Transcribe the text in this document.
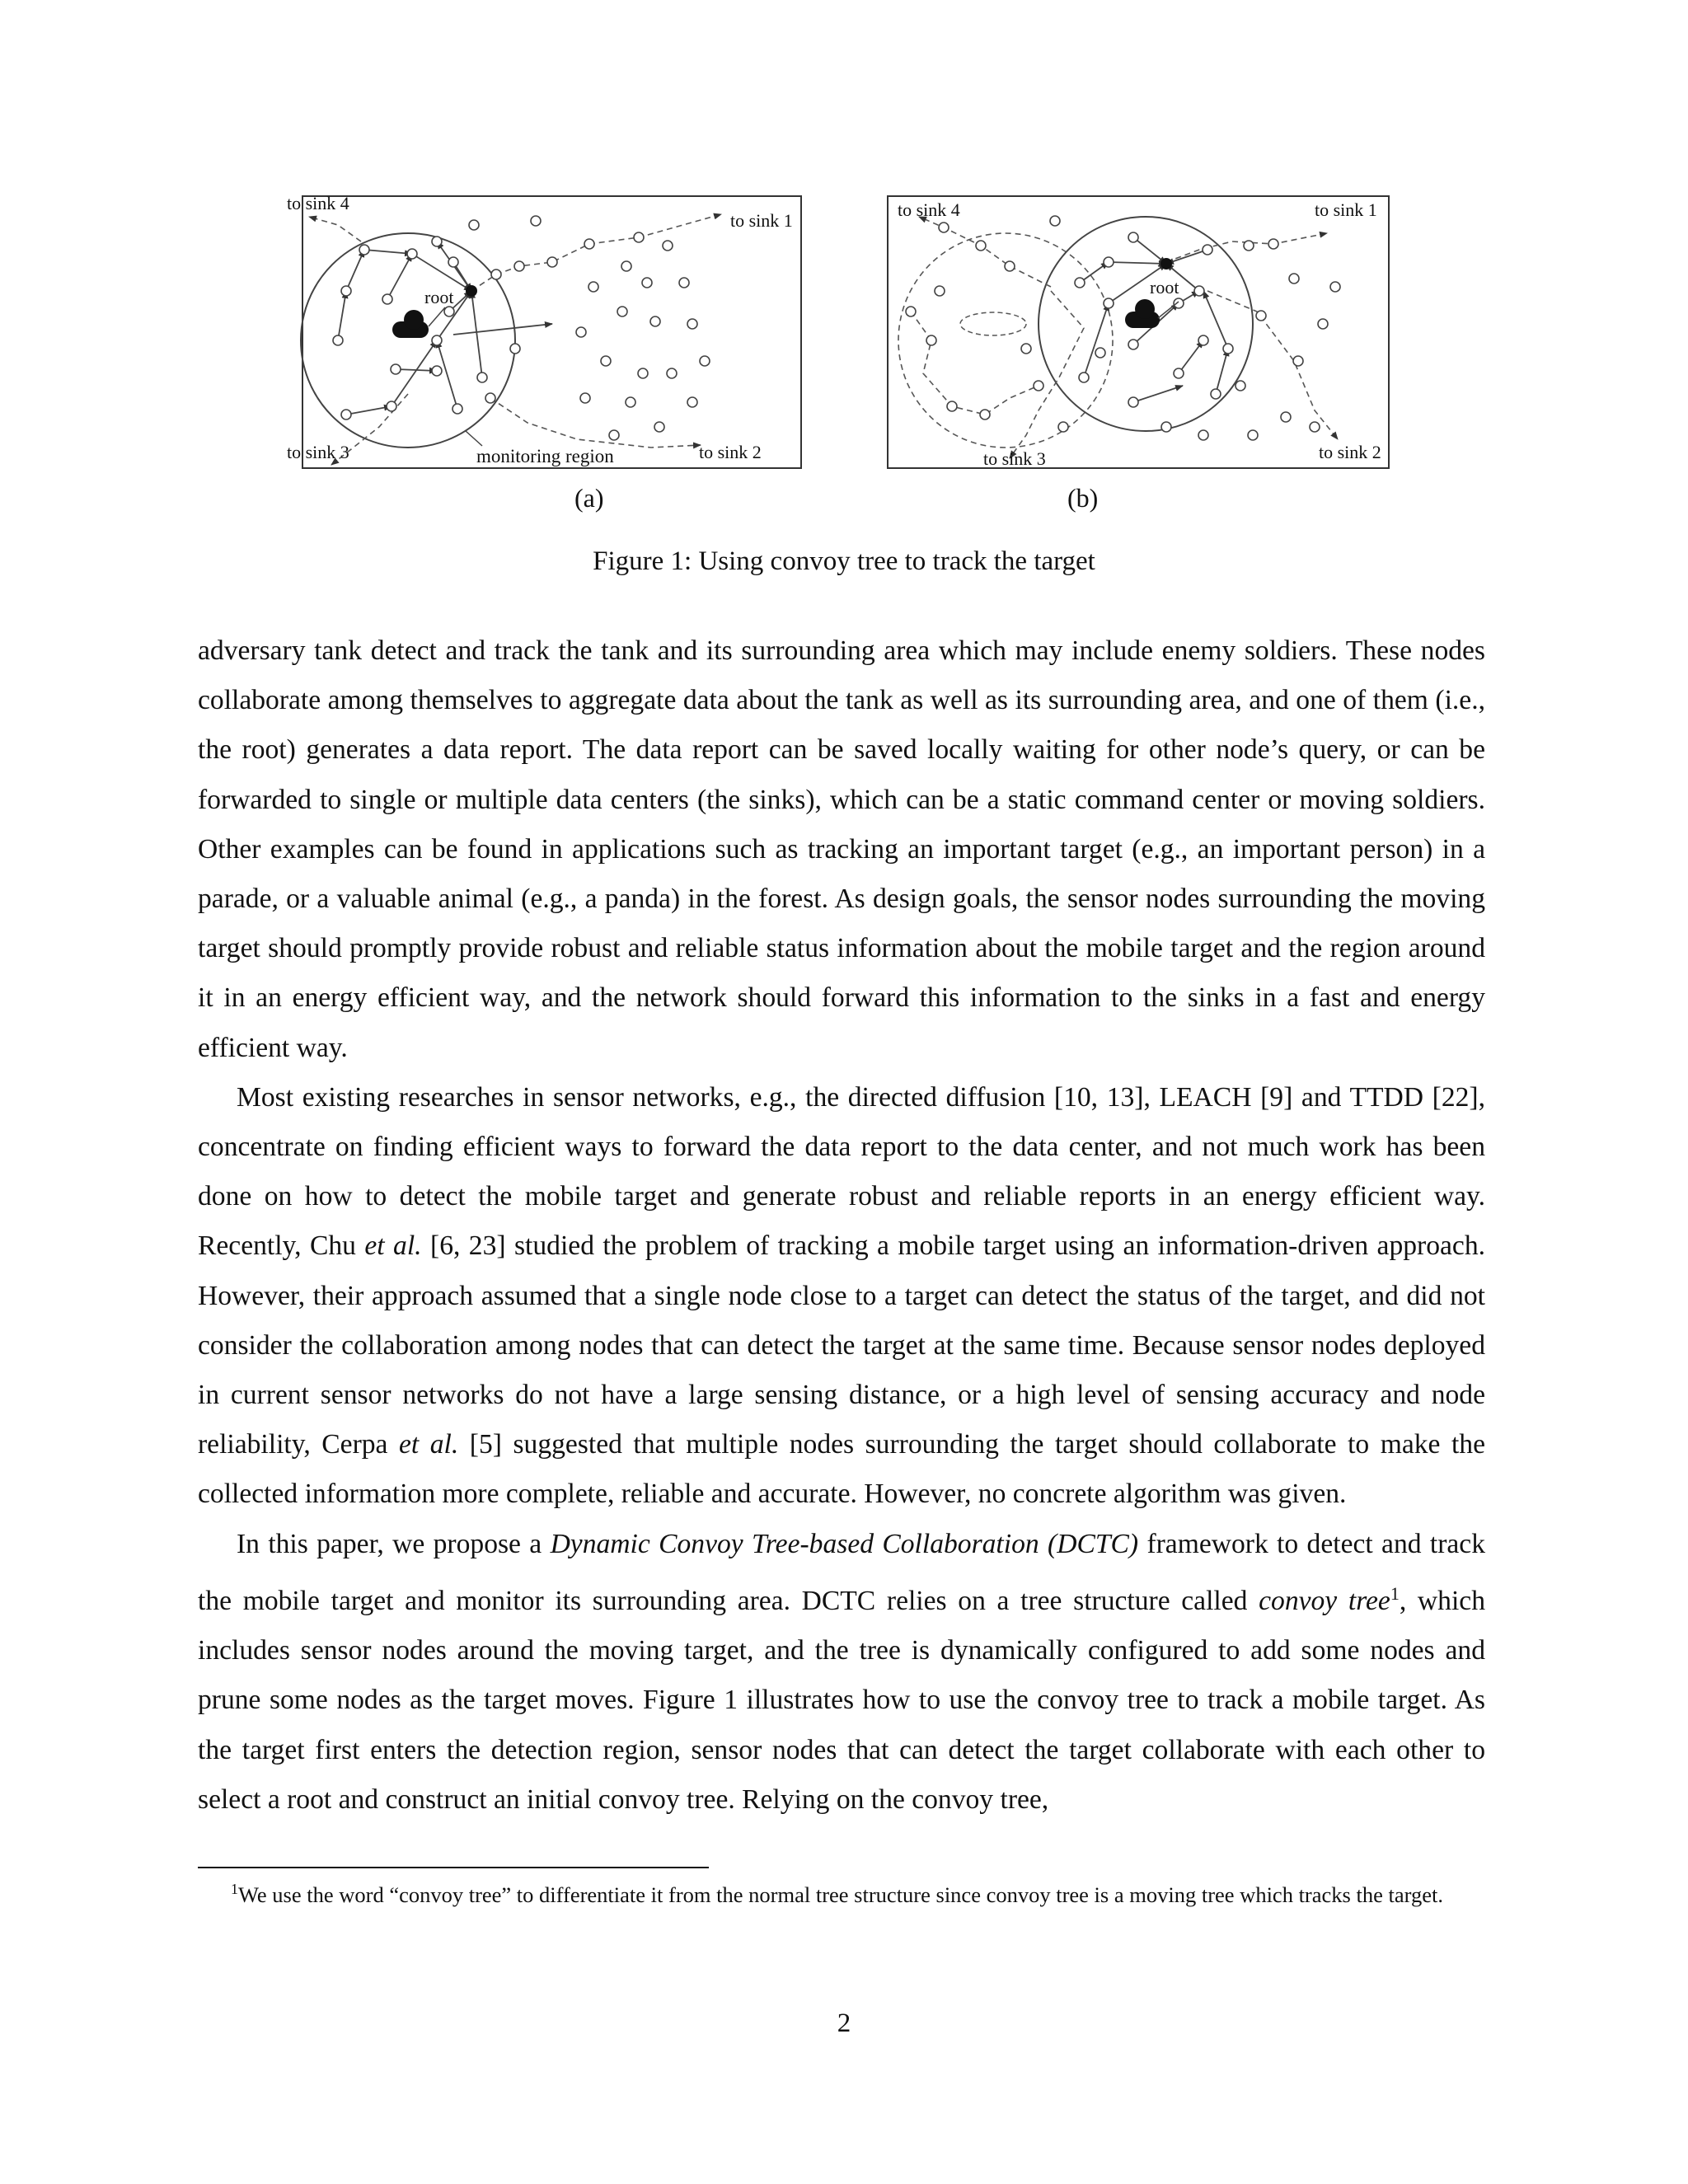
to sink 4
to sink 1
to sink 3	to sink 2
root
monitoring region
to sink 4	to sink 1
to sink 3	to sink 2
root
(a)	(b)
Figure 1: Using convoy tree to track the target

adversary tank detect and track the tank and its surrounding area which may include enemy soldiers. These nodes collaborate among themselves to aggregate data about the tank as well as its surrounding area, and one of them (i.e., the root) generates a data report. The data report can be saved locally waiting for other node’s query, or can be forwarded to single or multiple data centers (the sinks), which can be a static command center or moving soldiers. Other examples can be found in applications such as tracking an important target (e.g., an important person) in a parade, or a valuable animal (e.g., a panda) in the forest. As design goals, the sensor nodes surrounding the moving target should promptly provide robust and reliable status information about the mobile target and the region around it in an energy efficient way, and the network should forward this information to the sinks in a fast and energy efficient way.

Most existing researches in sensor networks, e.g., the directed diffusion [10, 13], LEACH [9] and TTDD [22], concentrate on finding efficient ways to forward the data report to the data center, and not much work has been done on how to detect the mobile target and generate robust and reliable reports in an energy efficient way. Recently, Chu et al. [6, 23] studied the problem of tracking a mobile target using an information-driven approach. However, their approach assumed that a single node close to a target can detect the status of the target, and did not consider the collaboration among nodes that can detect the target at the same time. Because sensor nodes deployed in current sensor networks do not have a large sensing distance, or a high level of sensing accuracy and node reliability, Cerpa et al. [5] suggested that multiple nodes surrounding the target should collaborate to make the collected information more complete, reliable and accurate. However, no concrete algorithm was given.

In this paper, we propose a Dynamic Convoy Tree-based Collaboration (DCTC) framework to detect and track the mobile target and monitor its surrounding area. DCTC relies on a tree structure called convoy tree$^1$, which includes sensor nodes around the moving target, and the tree is dynamically configured to add some nodes and prune some nodes as the target moves. Figure 1 illustrates how to use the convoy tree to track a mobile target. As the target first enters the detection region, sensor nodes that can detect the target collaborate with each other to select a root and construct an initial convoy tree. Relying on the convoy tree,

$^1$We use the word “convoy tree” to differentiate it from the normal tree structure since convoy tree is a moving tree which tracks the target.
2
